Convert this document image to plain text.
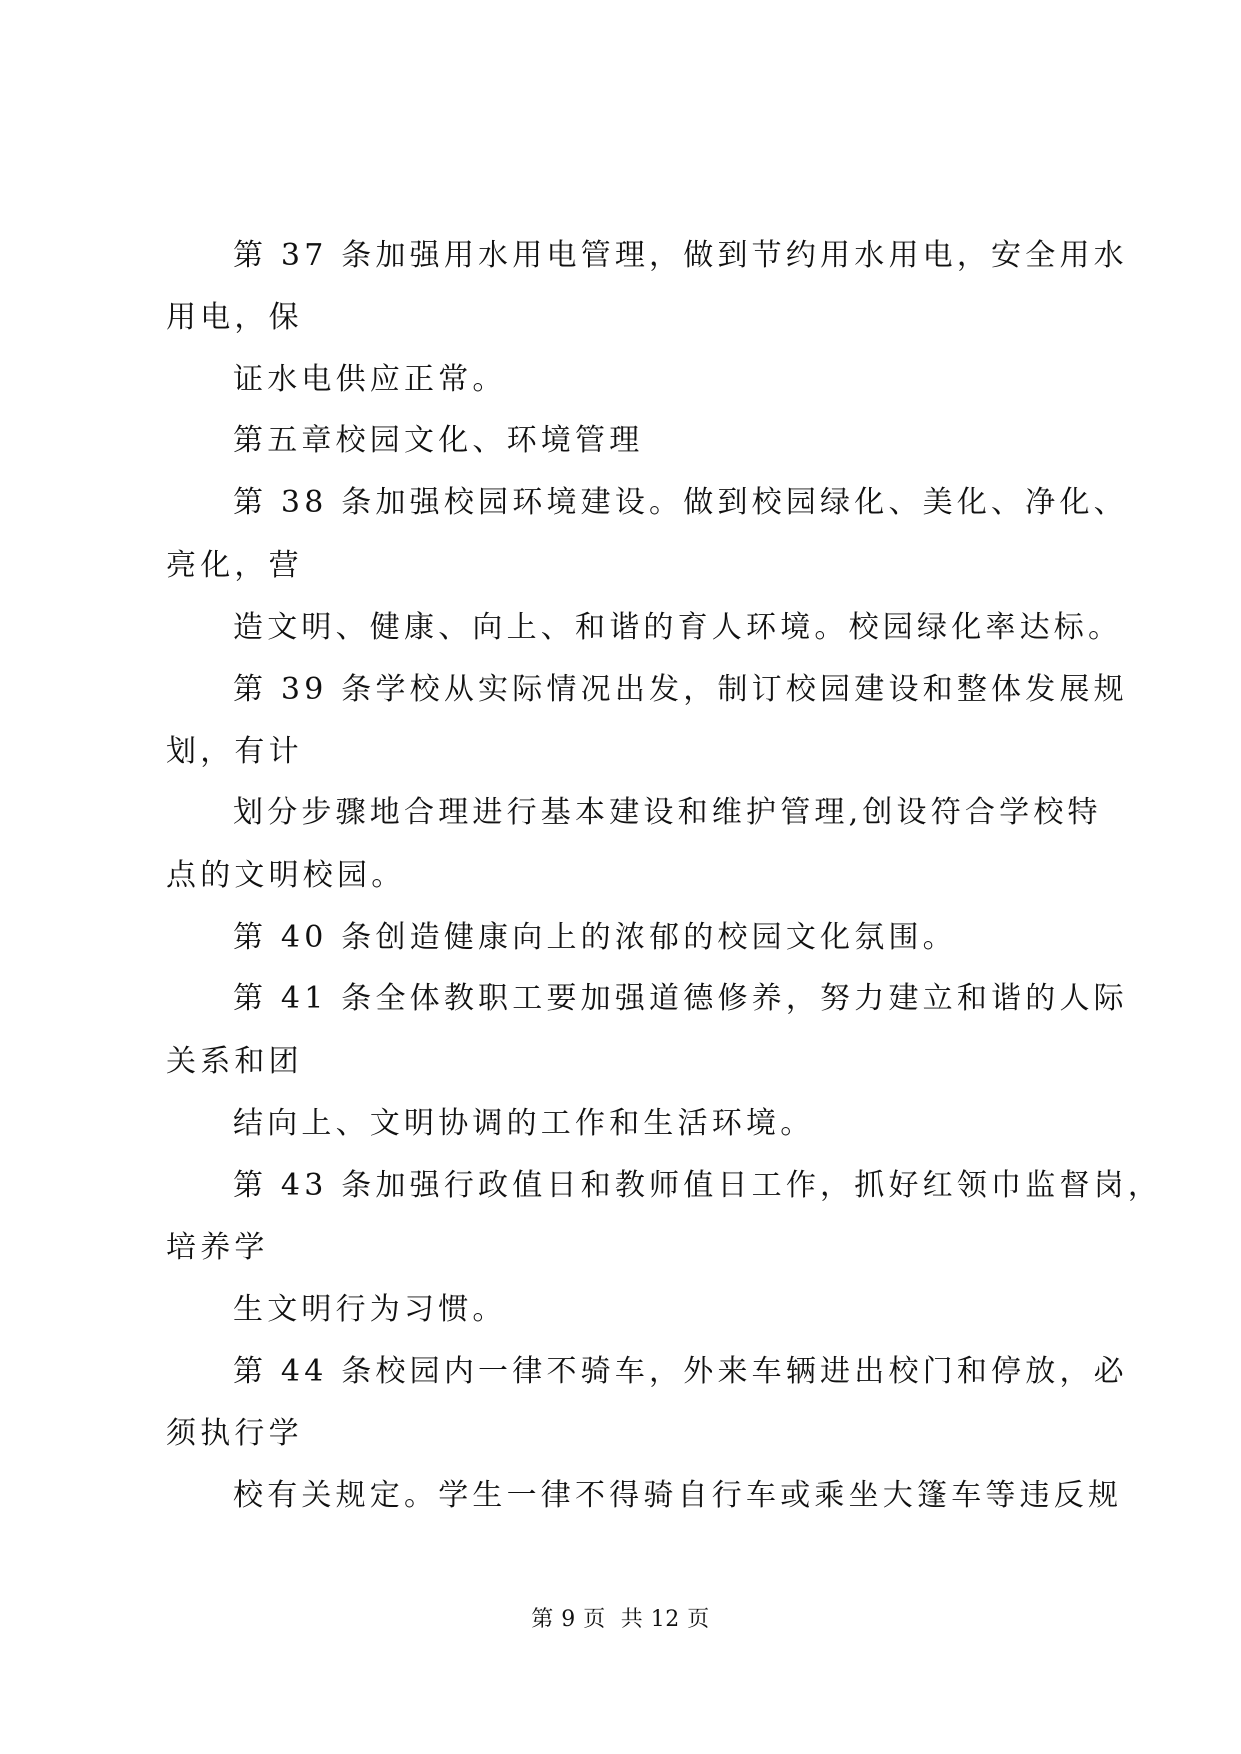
第 37 条加强用水用电管理，做到节约用水用电，安全用水
用电，保
证水电供应正常。
第五章校园文化、环境管理
第 38 条加强校园环境建设。做到校园绿化、美化、净化、
亮化，营
造文明、健康、向上、和谐的育人环境。校园绿化率达标。
第 39 条学校从实际情况出发，制订校园建设和整体发展规
划，有计
划分步骤地合理进行基本建设和维护管理,创设符合学校特
点的文明校园。
第 40 条创造健康向上的浓郁的校园文化氛围。
第 41 条全体教职工要加强道德修养，努力建立和谐的人际
关系和团
结向上、文明协调的工作和生活环境。
第 43 条加强行政值日和教师值日工作，抓好红领巾监督岗，
培养学
生文明行为习惯。
第 44 条校园内一律不骑车，外来车辆进出校门和停放，必
须执行学
校有关规定。学生一律不得骑自行车或乘坐大篷车等违反规
第 9 页  共 12 页
